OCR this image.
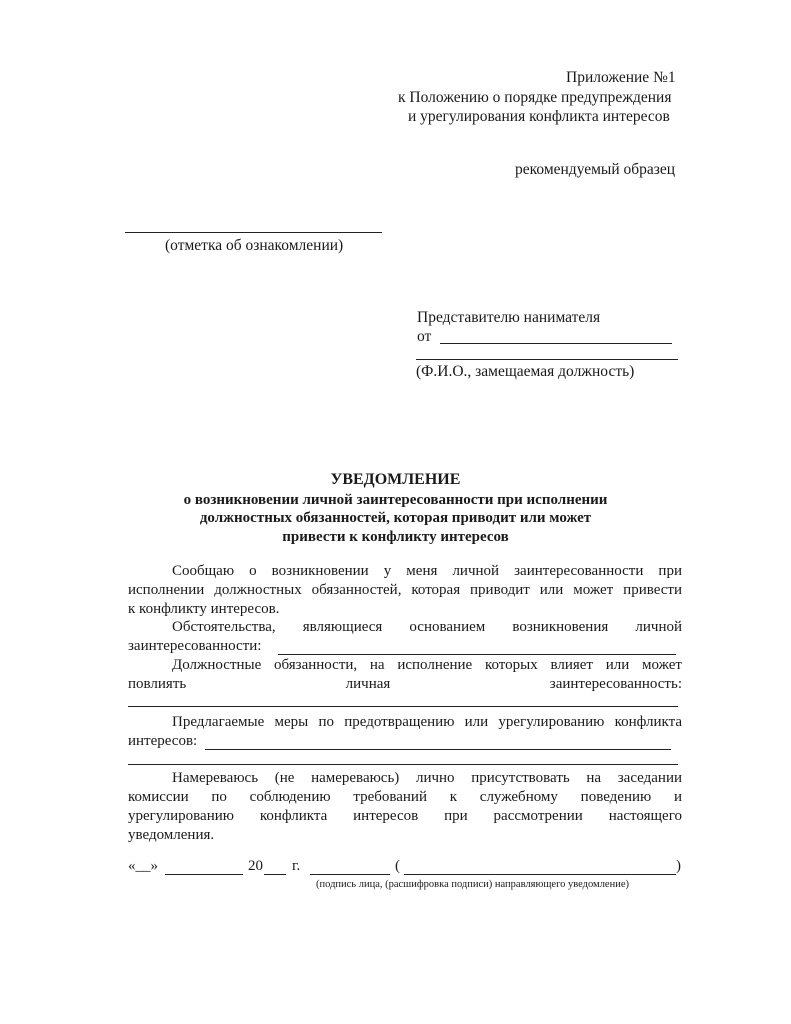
Приложение №1
к Положению о порядке предупреждения
и урегулирования конфликта интересов
рекомендуемый образец
(отметка об ознакомлении)
Представителю нанимателя
от
(Ф.И.О., замещаемая должность)
УВЕДОМЛЕНИЕ
о возникновении личной заинтересованности при исполнении
должностных обязанностей, которая приводит или может
привести к конфликту интересов
Сообщаю о возникновении у меня личной заинтересованности при
исполнении должностных обязанностей, которая приводит или может привести
к конфликту интересов.
Обстоятельства, являющиеся основанием возникновения личной
заинтересованности:
Должностные обязанности, на исполнение которых влияет или может
повлиять	личная	заинтересованность:
Предлагаемые меры по предотвращению или урегулированию конфликта
интересов:
Намереваюсь (не намереваюсь) лично присутствовать на заседании
комиссии по соблюдению требований к служебному поведению и
урегулированию конфликта интересов при рассмотрении настоящего
уведомления.
«__»	20 г.	(	)
(подпись лица, (расшифровка подписи) направляющего уведомление)
